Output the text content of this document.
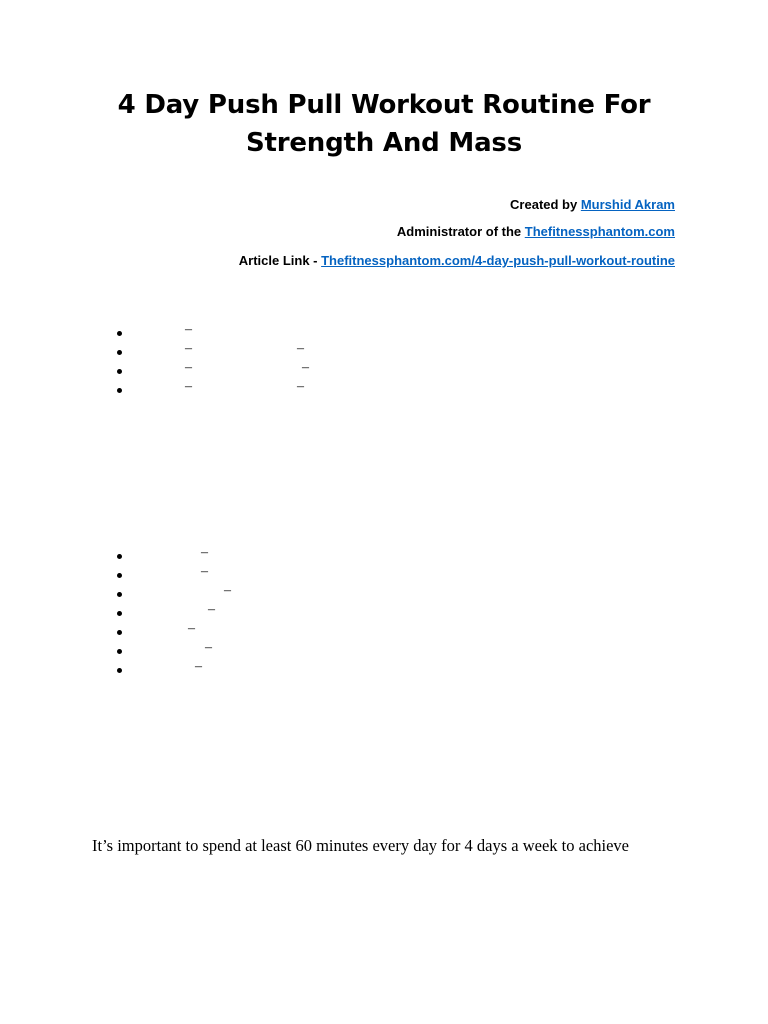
4 Day Push Pull Workout Routine For
Strength And Mass
Created by Murshid Akram
Administrator of the Thefitnessphantom.com
Article Link - Thefitnessphantom.com/4-day-push-pull-workout-routine
–
–	–
–	–
–	–
–
–
–
–
–
–
–

It’s important to spend at least 60 minutes every day for 4 days a week to achieve
